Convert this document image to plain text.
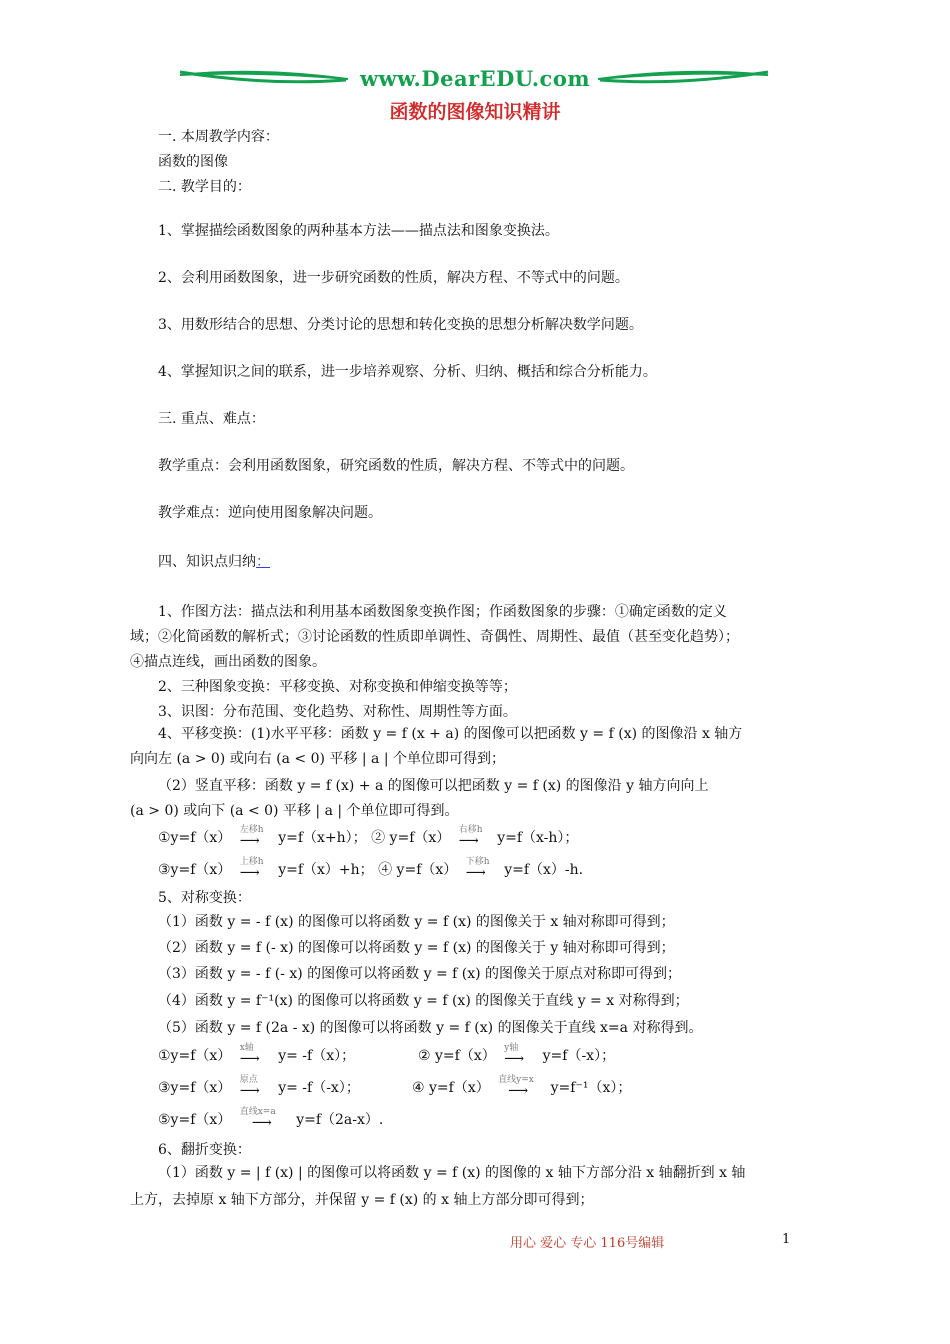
www.DearEDU.com
函数的图像知识精讲
一. 本周教学内容：
函数的图像
二. 教学目的：
1、掌握描绘函数图象的两种基本方法——描点法和图象变换法。
2、会利用函数图象，进一步研究函数的性质，解决方程、不等式中的问题。
3、用数形结合的思想、分类讨论的思想和转化变换的思想分析解决数学问题。
4、掌握知识之间的联系，进一步培养观察、分析、归纳、概括和综合分析能力。
三. 重点、难点：
教学重点：会利用函数图象，研究函数的性质，解决方程、不等式中的问题。
教学难点：逆向使用图象解决问题。
四、知识点归纳：
1、作图方法：描点法和利用基本函数图象变换作图；作函数图象的步骤：①确定函数的定义
域；②化简函数的解析式；③讨论函数的性质即单调性、奇偶性、周期性、最值（甚至变化趋势）；
④描点连线，画出函数的图象。
2、三种图象变换：平移变换、对称变换和伸缩变换等等；
3、识图：分布范围、变化趋势、对称性、周期性等方面。
4、平移变换：(1)水平平移：函数 y = f (x + a) 的图像可以把函数 y = f (x) 的图像沿 x 轴方
向向左 (a > 0) 或向右 (a < 0) 平移 | a | 个单位即可得到；
（2）竖直平移：函数 y = f (x) + a 的图像可以把函数 y = f (x) 的图像沿 y 轴方向向上
(a > 0) 或向下 (a < 0) 平移 | a | 个单位即可得到。
①y=f（x） 左移h
⟶ y=f（x+h）； ② y=f（x） 右移h
⟶ y=f（x-h）；
③y=f（x） 上移h
⟶ y=f（x）+h； ④ y=f（x） 下移h
⟶ y=f（x）-h.
5、对称变换：
（1）函数 y = - f (x) 的图像可以将函数 y = f (x) 的图像关于 x 轴对称即可得到；
（2）函数 y = f (- x) 的图像可以将函数 y = f (x) 的图像关于 y 轴对称即可得到；
（3）函数 y = - f (- x) 的图像可以将函数 y = f (x) 的图像关于原点对称即可得到；
（4）函数 y = f⁻¹(x) 的图像可以将函数 y = f (x) 的图像关于直线 y = x 对称得到；
（5）函数 y = f (2a - x) 的图像可以将函数 y = f (x) 的图像关于直线 x=a 对称得到。
①y=f（x） x轴
⟶ y= -f（x）；	② y=f（x） y轴
⟶ y=f（-x）；
③y=f（x） 原点
⟶ y= -f（-x）；	④ y=f（x） 直线y=x
⟶ y=f⁻¹（x）；
⑤y=f（x） 直线x=a
⟶ y=f（2a-x）.
6、翻折变换：
（1）函数 y = | f (x) | 的图像可以将函数 y = f (x) 的图像的 x 轴下方部分沿 x 轴翻折到 x 轴
上方，去掉原 x 轴下方部分，并保留 y = f (x) 的 x 轴上方部分即可得到；
用心 爱心 专心 116号编辑	1
